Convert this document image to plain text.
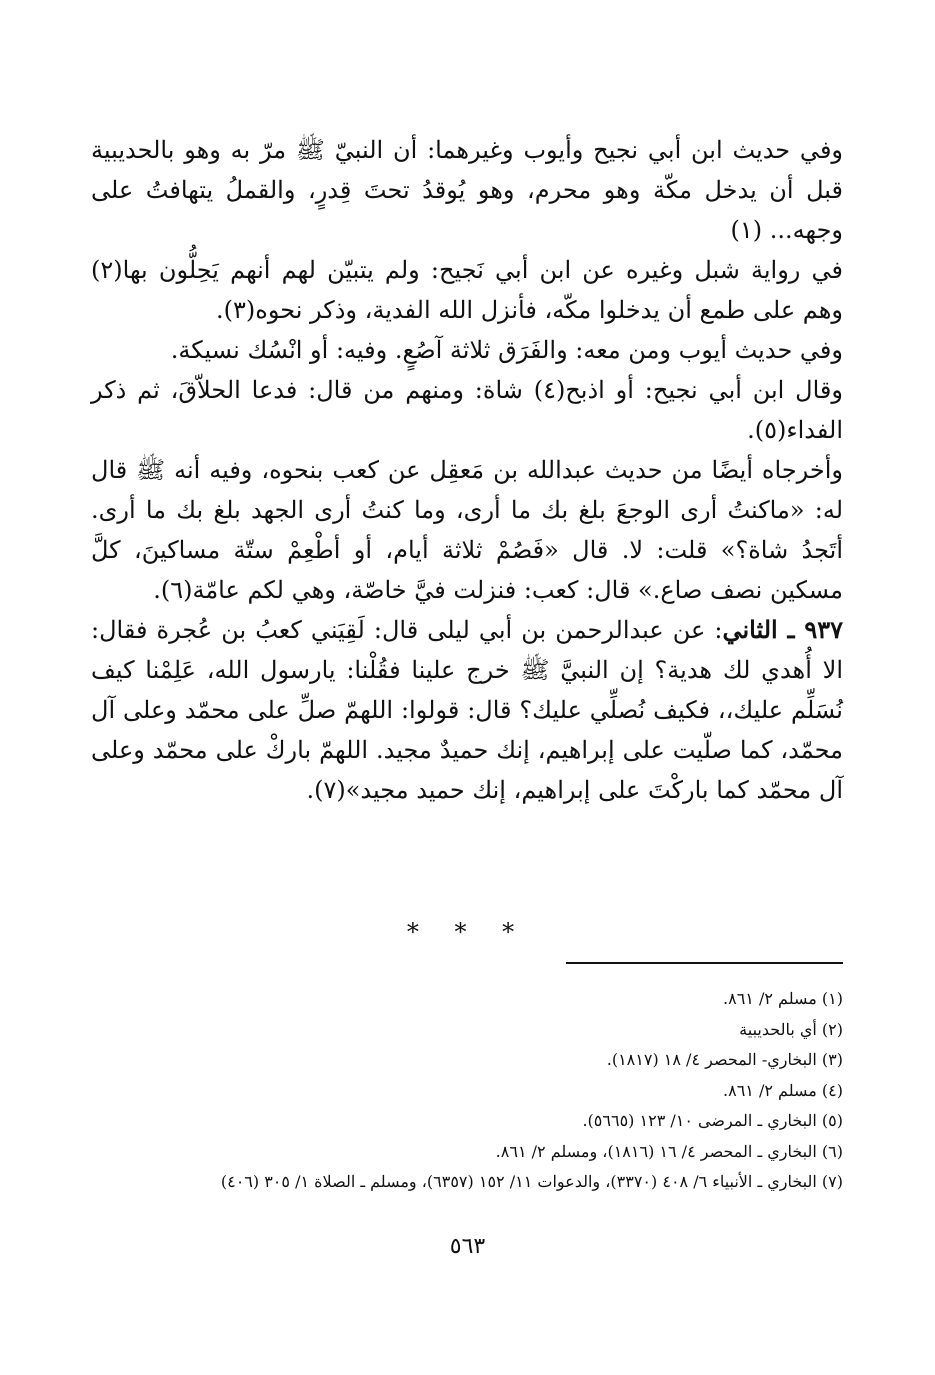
وفي حديث ابن أبي نجيح وأيوب وغيرهما: أن النبيّ ﷺ مرّ به وهو بالحديبية قبل أن يدخل مكّة وهو محرم، وهو يُوقدُ تحتَ قِدرٍ، والقملُ يتهافتُ على وجهه... (١)

في رواية شبل وغيره عن ابن أبي نَجيح: ولم يتبيّن لهم أنهم يَحِلُّون بها(٢) وهم على طمع أن يدخلوا مكّه، فأنزل الله الفدية، وذكر نحوه(٣).

وفي حديث أيوب ومن معه: والفَرَق ثلاثة آصُعٍ. وفيه: أو انْسُك نسيكة.

وقال ابن أبي نجيح: أو اذبح(٤) شاة: ومنهم من قال: فدعا الحلاّقَ، ثم ذكر الفداء(٥).

وأخرجاه أيضًا من حديث عبدالله بن مَعقِل عن كعب بنحوه، وفيه أنه ﷺ قال له: «ماكنتُ أرى الوجعَ بلغ بك ما أرى، وما كنتُ أرى الجهد بلغ بك ما أرى. أتَجدُ شاة؟» قلت: لا. قال «فَصُمْ ثلاثة أيام، أو أطْعِمْ ستّة مساكينَ، كلَّ مسكين نصف صاع.» قال: كعب: فنزلت فيَّ خاصّة، وهي لكم عامّة(٦).

٩٣٧ ـ الثاني: عن عبدالرحمن بن أبي ليلى قال: لَقِيَني كعبُ بن عُجرة فقال: الا أُهدي لك هدية؟ إن النبيَّ ﷺ خرج علينا فقُلْنا: يارسول الله، عَلِمْنا كيف نُسَلِّم عليك،، فكيف نُصلِّي عليك؟ قال: قولوا: اللهمّ صلِّ على محمّد وعلى آل محمّد، كما صلّيت على إبراهيم، إنك حميدٌ مجيد. اللهمّ باركْ على محمّد وعلى آل محمّد كما باركْتَ على إبراهيم، إنك حميد مجيد»(٧).

* * *

(١) مسلم ٢/ ٨٦١.

(٢) أي بالحديبية

(٣) البخاري- المحصر ٤/ ١٨ (١٨١٧).

(٤) مسلم ٢/ ٨٦١.

(٥) البخاري ـ المرضى ١٠/ ١٢٣ (٥٦٦٥).

(٦) البخاري ـ المحصر ٤/ ١٦ (١٨١٦)، ومسلم ٢/ ٨٦١.

(٧) البخاري ـ الأنبياء ٦/ ٤٠٨ (٣٣٧٠)، والدعوات ١١/ ١٥٢ (٦٣٥٧)، ومسلم ـ الصلاة ١/ ٣٠٥ (٤٠٦)

٥٦٣
